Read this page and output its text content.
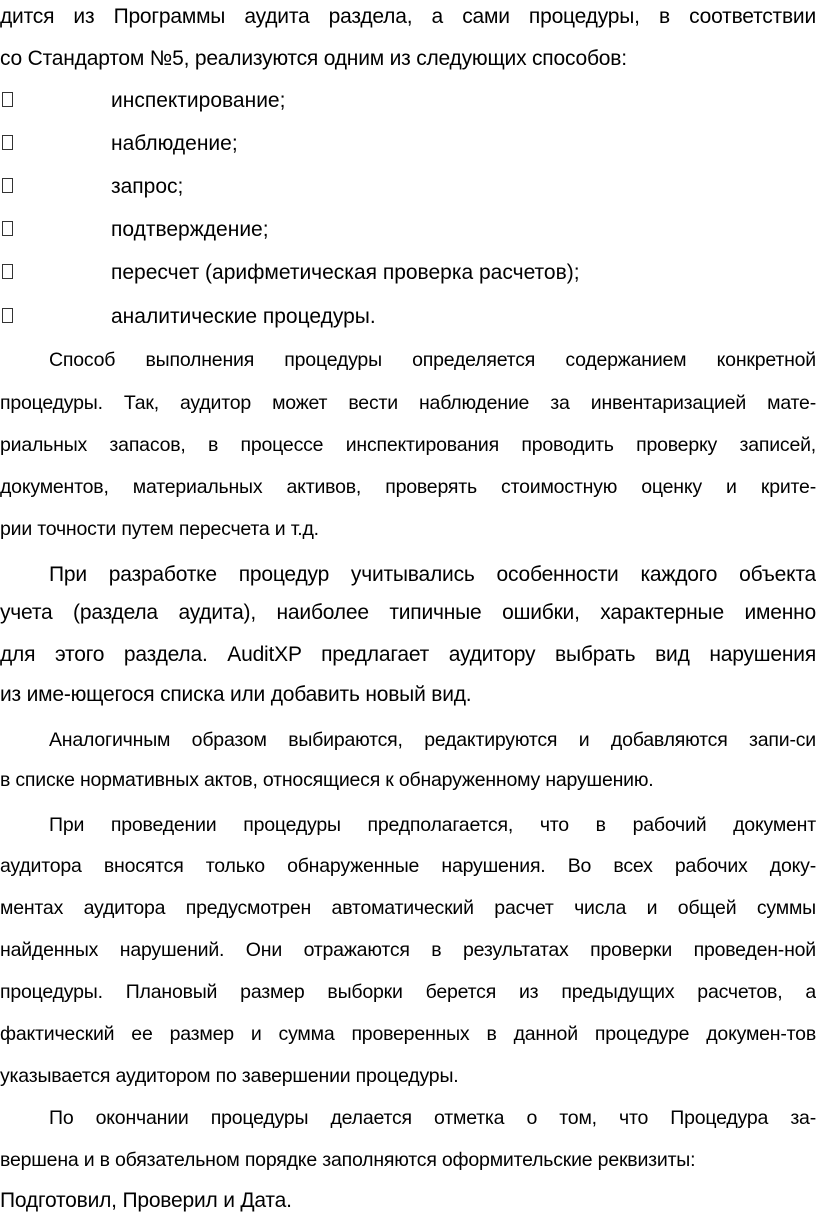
дится из Программы аудита раздела, а сами процедуры, в соответствии
со Стандартом №5, реализуются одним из следующих способов:
инспектирование;
наблюдение;
запрос;
подтверждение;
пересчет (арифметическая проверка расчетов);
аналитические процедуры.
Способ выполнения процедуры определяется содержанием конкретной
процедуры. Так, аудитор может вести наблюдение за инвентаризацией мате-
риальных запасов, в процессе инспектирования проводить проверку записей,
документов, материальных активов, проверять стоимостную оценку и крите-
рии точности путем пересчета и т.д.
При разработке процедур учитывались особенности каждого объекта
учета (раздела аудита), наиболее типичные ошибки, характерные именно
для этого раздела. AuditXP предлагает аудитору выбрать вид нарушения
из име-ющегося списка или добавить новый вид.
Аналогичным образом выбираются, редактируются и добавляются запи-си
в списке нормативных актов, относящиеся к обнаруженному нарушению.
При проведении процедуры предполагается, что в рабочий документ
аудитора вносятся только обнаруженные нарушения. Во всех рабочих доку-
ментах аудитора предусмотрен автоматический расчет числа и общей суммы
найденных нарушений. Они отражаются в результатах проверки проведен-ной
процедуры. Плановый размер выборки берется из предыдущих расчетов, а
фактический ее размер и сумма проверенных в данной процедуре докумен-тов
указывается аудитором по завершении процедуры.
По окончании процедуры делается отметка о том, что Процедура за-
вершена и в обязательном порядке заполняются оформительские реквизиты:
Подготовил, Проверил и Дата.
